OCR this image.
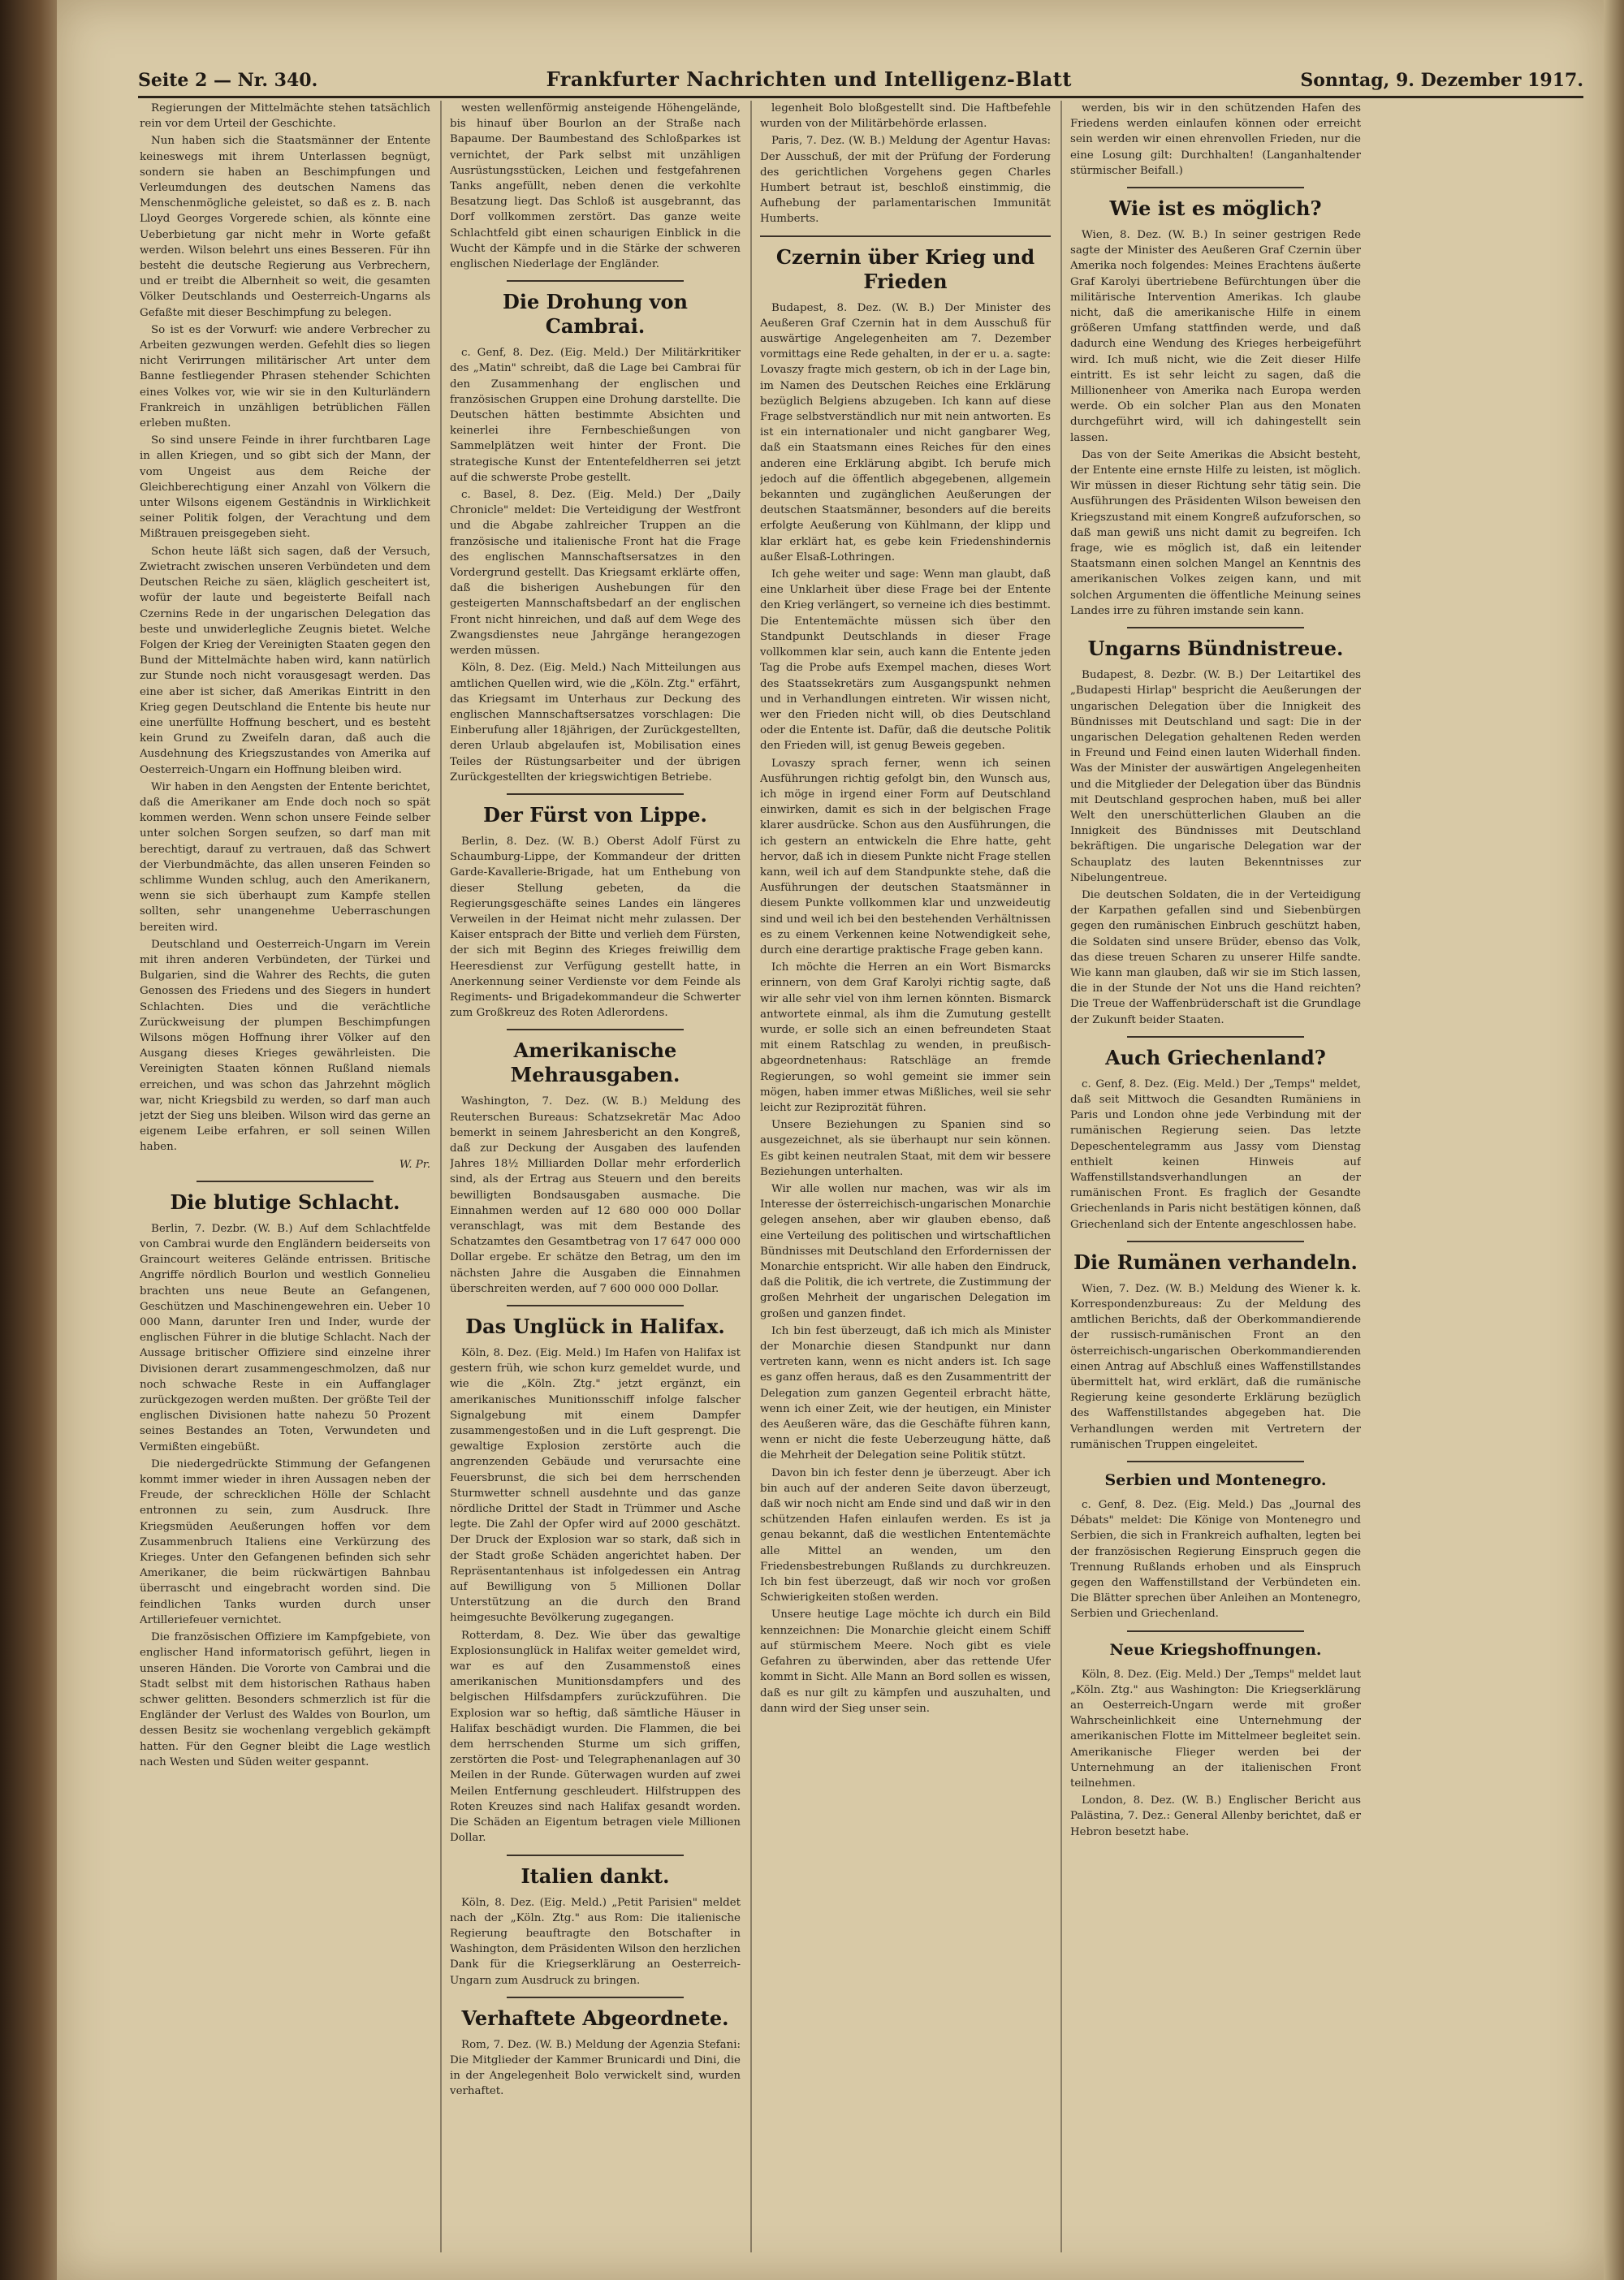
Seite 2 — Nr. 340.	Frankfurter Nachrichten und Intelligenz-Blatt	Sonntag, 9. Dezember 1917.

Regierungen der Mittelmächte stehen tatsächlich rein vor dem Urteil der Geschichte.

Nun haben sich die Staatsmänner der Entente keineswegs mit ihrem Unterlassen begnügt, sondern sie haben an Beschimpfungen und Verleumdungen des deutschen Namens das Menschenmögliche geleistet, so daß es z. B. nach Lloyd Georges Vorgerede schien, als könnte eine Ueberbietung gar nicht mehr in Worte gefaßt werden. Wilson belehrt uns eines Besseren. Für ihn besteht die deutsche Regierung aus Verbrechern, und er treibt die Albernheit so weit, die gesamten Völker Deutschlands und Oesterreich-Ungarns als Gefaßte mit dieser Beschimpfung zu belegen.

So ist es der Vorwurf: wie andere Verbrecher zu Arbeiten gezwungen werden. Gefehlt dies so liegen nicht Verirrungen militärischer Art unter dem Banne festliegender Phrasen stehender Schichten eines Volkes vor, wie wir sie in den Kulturländern Frankreich in unzähligen betrüblichen Fällen erleben mußten.

So sind unsere Feinde in ihrer furchtbaren Lage in allen Kriegen, und so gibt sich der Mann, der vom Ungeist aus dem Reiche der Gleichberechtigung einer Anzahl von Völkern die unter Wilsons eigenem Geständnis in Wirklichkeit seiner Politik folgen, der Verachtung und dem Mißtrauen preisgegeben sieht.

Schon heute läßt sich sagen, daß der Versuch, Zwietracht zwischen unseren Verbündeten und dem Deutschen Reiche zu säen, kläglich gescheitert ist, wofür der laute und begeisterte Beifall nach Czernins Rede in der ungarischen Delegation das beste und unwiderlegliche Zeugnis bietet. Welche Folgen der Krieg der Vereinigten Staaten gegen den Bund der Mittelmächte haben wird, kann natürlich zur Stunde noch nicht vorausgesagt werden. Das eine aber ist sicher, daß Amerikas Eintritt in den Krieg gegen Deutschland die Entente bis heute nur eine unerfüllte Hoffnung beschert, und es besteht kein Grund zu Zweifeln daran, daß auch die Ausdehnung des Kriegszustandes von Amerika auf Oesterreich-Ungarn ein Hoffnung bleiben wird.

Wir haben in den Aengsten der Entente berichtet, daß die Amerikaner am Ende doch noch so spät kommen werden. Wenn schon unsere Feinde selber unter solchen Sorgen seufzen, so darf man mit berechtigt, darauf zu vertrauen, daß das Schwert der Vierbundmächte, das allen unseren Feinden so schlimme Wunden schlug, auch den Amerikanern, wenn sie sich überhaupt zum Kampfe stellen sollten, sehr unangenehme Ueberraschungen bereiten wird.

Deutschland und Oesterreich-Ungarn im Verein mit ihren anderen Verbündeten, der Türkei und Bulgarien, sind die Wahrer des Rechts, die guten Genossen des Friedens und des Siegers in hundert Schlachten. Dies und die verächtliche Zurückweisung der plumpen Beschimpfungen Wilsons mögen Hoffnung ihrer Völker auf den Ausgang dieses Krieges gewährleisten. Die Vereinigten Staaten können Rußland niemals erreichen, und was schon das Jahrzehnt möglich war, nicht Kriegsbild zu werden, so darf man auch jetzt der Sieg uns bleiben. Wilson wird das gerne an eigenem Leibe erfahren, er soll seinen Willen haben.

W. Pr.

Die blutige Schlacht.

Berlin, 7. Dezbr. (W. B.) Auf dem Schlachtfelde von Cambrai wurde den Engländern beiderseits von Graincourt weiteres Gelände entrissen. Britische Angriffe nördlich Bourlon und westlich Gonnelieu brachten uns neue Beute an Gefangenen, Geschützen und Maschinengewehren ein. Ueber 10 000 Mann, darunter Iren und Inder, wurde der englischen Führer in die blutige Schlacht. Nach der Aussage britischer Offiziere sind einzelne ihrer Divisionen derart zusammengeschmolzen, daß nur noch schwache Reste in ein Auffanglager zurückgezogen werden mußten. Der größte Teil der englischen Divisionen hatte nahezu 50 Prozent seines Bestandes an Toten, Verwundeten und Vermißten eingebüßt.

Die niedergedrückte Stimmung der Gefangenen kommt immer wieder in ihren Aussagen neben der Freude, der schrecklichen Hölle der Schlacht entronnen zu sein, zum Ausdruck. Ihre Kriegsmüden Aeußerungen hoffen vor dem Zusammenbruch Italiens eine Verkürzung des Krieges. Unter den Gefangenen befinden sich sehr Amerikaner, die beim rückwärtigen Bahnbau überrascht und eingebracht worden sind. Die feindlichen Tanks wurden durch unser Artilleriefeuer vernichtet.

Die französischen Offiziere im Kampfgebiete, von englischer Hand informatorisch geführt, liegen in unseren Händen. Die Vororte von Cambrai und die Stadt selbst mit dem historischen Rathaus haben schwer gelitten. Besonders schmerzlich ist für die Engländer der Verlust des Waldes von Bourlon, um dessen Besitz sie wochenlang vergeblich gekämpft hatten. Für den Gegner bleibt die Lage westlich nach Westen und Süden weiter gespannt.

westen wellenförmig ansteigende Höhengelände, bis hinauf über Bourlon an der Straße nach Bapaume. Der Baumbestand des Schloßparkes ist vernichtet, der Park selbst mit unzähligen Ausrüstungsstücken, Leichen und festgefahrenen Tanks angefüllt, neben denen die verkohlte Besatzung liegt. Das Schloß ist ausgebrannt, das Dorf vollkommen zerstört. Das ganze weite Schlachtfeld gibt einen schaurigen Einblick in die Wucht der Kämpfe und in die Stärke der schweren englischen Niederlage der Engländer.

Die Drohung von Cambrai.

c. Genf, 8. Dez. (Eig. Meld.) Der Militärkritiker des „Matin" schreibt, daß die Lage bei Cambrai für den Zusammenhang der englischen und französischen Gruppen eine Drohung darstellte. Die Deutschen hätten bestimmte Absichten und keinerlei ihre Fernbeschießungen von Sammelplätzen weit hinter der Front. Die strategische Kunst der Ententefeldherren sei jetzt auf die schwerste Probe gestellt.

c. Basel, 8. Dez. (Eig. Meld.) Der „Daily Chronicle" meldet: Die Verteidigung der Westfront und die Abgabe zahlreicher Truppen an die französische und italienische Front hat die Frage des englischen Mannschaftsersatzes in den Vordergrund gestellt. Das Kriegsamt erklärte offen, daß die bisherigen Aushebungen für den gesteigerten Mannschaftsbedarf an der englischen Front nicht hinreichen, und daß auf dem Wege des Zwangsdienstes neue Jahrgänge herangezogen werden müssen.

Köln, 8. Dez. (Eig. Meld.) Nach Mitteilungen aus amtlichen Quellen wird, wie die „Köln. Ztg." erfährt, das Kriegsamt im Unterhaus zur Deckung des englischen Mannschaftsersatzes vorschlagen: Die Einberufung aller 18jährigen, der Zurückgestellten, deren Urlaub abgelaufen ist, Mobilisation eines Teiles der Rüstungsarbeiter und der übrigen Zurückgestellten der kriegswichtigen Betriebe.

Der Fürst von Lippe.

Berlin, 8. Dez. (W. B.) Oberst Adolf Fürst zu Schaumburg-Lippe, der Kommandeur der dritten Garde-Kavallerie-Brigade, hat um Enthebung von dieser Stellung gebeten, da die Regierungsgeschäfte seines Landes ein längeres Verweilen in der Heimat nicht mehr zulassen. Der Kaiser entsprach der Bitte und verlieh dem Fürsten, der sich mit Beginn des Krieges freiwillig dem Heeresdienst zur Verfügung gestellt hatte, in Anerkennung seiner Verdienste vor dem Feinde als Regiments- und Brigadekommandeur die Schwerter zum Großkreuz des Roten Adlerordens.

Amerikanische Mehrausgaben.

Washington, 7. Dez. (W. B.) Meldung des Reuterschen Bureaus: Schatzsekretär Mac Adoo bemerkt in seinem Jahresbericht an den Kongreß, daß zur Deckung der Ausgaben des laufenden Jahres 18½ Milliarden Dollar mehr erforderlich sind, als der Ertrag aus Steuern und den bereits bewilligten Bondsausgaben ausmache. Die Einnahmen werden auf 12 680 000 000 Dollar veranschlagt, was mit dem Bestande des Schatzamtes den Gesamtbetrag von 17 647 000 000 Dollar ergebe. Er schätze den Betrag, um den im nächsten Jahre die Ausgaben die Einnahmen überschreiten werden, auf 7 600 000 000 Dollar.

Das Unglück in Halifax.

Köln, 8. Dez. (Eig. Meld.) Im Hafen von Halifax ist gestern früh, wie schon kurz gemeldet wurde, und wie die „Köln. Ztg." jetzt ergänzt, ein amerikanisches Munitionsschiff infolge falscher Signalgebung mit einem Dampfer zusammengestoßen und in die Luft gesprengt. Die gewaltige Explosion zerstörte auch die angrenzenden Gebäude und verursachte eine Feuersbrunst, die sich bei dem herrschenden Sturmwetter schnell ausdehnte und das ganze nördliche Drittel der Stadt in Trümmer und Asche legte. Die Zahl der Opfer wird auf 2000 geschätzt. Der Druck der Explosion war so stark, daß sich in der Stadt große Schäden angerichtet haben. Der Repräsentantenhaus ist infolgedessen ein Antrag auf Bewilligung von 5 Millionen Dollar Unterstützung an die durch den Brand heimgesuchte Bevölkerung zugegangen.

Rotterdam, 8. Dez. Wie über das gewaltige Explosionsunglück in Halifax weiter gemeldet wird, war es auf den Zusammenstoß eines amerikanischen Munitionsdampfers und des belgischen Hilfsdampfers zurückzuführen. Die Explosion war so heftig, daß sämtliche Häuser in Halifax beschädigt wurden. Die Flammen, die bei dem herrschenden Sturme um sich griffen, zerstörten die Post- und Telegraphenanlagen auf 30 Meilen in der Runde. Güterwagen wurden auf zwei Meilen Entfernung geschleudert. Hilfstruppen des Roten Kreuzes sind nach Halifax gesandt worden. Die Schäden an Eigentum betragen viele Millionen Dollar.

Italien dankt.

Köln, 8. Dez. (Eig. Meld.) „Petit Parisien" meldet nach der „Köln. Ztg." aus Rom: Die italienische Regierung beauftragte den Botschafter in Washington, dem Präsidenten Wilson den herzlichen Dank für die Kriegserklärung an Oesterreich-Ungarn zum Ausdruck zu bringen.

Verhaftete Abgeordnete.

Rom, 7. Dez. (W. B.) Meldung der Agenzia Stefani: Die Mitglieder der Kammer Brunicardi und Dini, die in der Angelegenheit Bolo verwickelt sind, wurden verhaftet.

legenheit Bolo bloßgestellt sind. Die Haftbefehle wurden von der Militärbehörde erlassen.

Paris, 7. Dez. (W. B.) Meldung der Agentur Havas: Der Ausschuß, der mit der Prüfung der Forderung des gerichtlichen Vorgehens gegen Charles Humbert betraut ist, beschloß einstimmig, die Aufhebung der parlamentarischen Immunität Humberts.

Czernin über Krieg und Frieden

Budapest, 8. Dez. (W. B.) Der Minister des Aeußeren Graf Czernin hat in dem Ausschuß für auswärtige Angelegenheiten am 7. Dezember vormittags eine Rede gehalten, in der er u. a. sagte: Lovaszy fragte mich gestern, ob ich in der Lage bin, im Namen des Deutschen Reiches eine Erklärung bezüglich Belgiens abzugeben. Ich kann auf diese Frage selbstverständlich nur mit nein antworten. Es ist ein internationaler und nicht gangbarer Weg, daß ein Staatsmann eines Reiches für den eines anderen eine Erklärung abgibt. Ich berufe mich jedoch auf die öffentlich abgegebenen, allgemein bekannten und zugänglichen Aeußerungen der deutschen Staatsmänner, besonders auf die bereits erfolgte Aeußerung von Kühlmann, der klipp und klar erklärt hat, es gebe kein Friedenshindernis außer Elsaß-Lothringen.

Ich gehe weiter und sage: Wenn man glaubt, daß eine Unklarheit über diese Frage bei der Entente den Krieg verlängert, so verneine ich dies bestimmt. Die Ententemächte müssen sich über den Standpunkt Deutschlands in dieser Frage vollkommen klar sein, auch kann die Entente jeden Tag die Probe aufs Exempel machen, dieses Wort des Staatssekretärs zum Ausgangspunkt nehmen und in Verhandlungen eintreten. Wir wissen nicht, wer den Frieden nicht will, ob dies Deutschland oder die Entente ist. Dafür, daß die deutsche Politik den Frieden will, ist genug Beweis gegeben.

Lovaszy sprach ferner, wenn ich seinen Ausführungen richtig gefolgt bin, den Wunsch aus, ich möge in irgend einer Form auf Deutschland einwirken, damit es sich in der belgischen Frage klarer ausdrücke. Schon aus den Ausführungen, die ich gestern an entwickeln die Ehre hatte, geht hervor, daß ich in diesem Punkte nicht Frage stellen kann, weil ich auf dem Standpunkte stehe, daß die Ausführungen der deutschen Staatsmänner in diesem Punkte vollkommen klar und unzweideutig sind und weil ich bei den bestehenden Verhältnissen es zu einem Verkennen keine Notwendigkeit sehe, durch eine derartige praktische Frage geben kann.

Ich möchte die Herren an ein Wort Bismarcks erinnern, von dem Graf Karolyi richtig sagte, daß wir alle sehr viel von ihm lernen könnten. Bismarck antwortete einmal, als ihm die Zumutung gestellt wurde, er solle sich an einen befreundeten Staat mit einem Ratschlag zu wenden, in preußisch-abgeordnetenhaus: Ratschläge an fremde Regierungen, so wohl gemeint sie immer sein mögen, haben immer etwas Mißliches, weil sie sehr leicht zur Reziprozität führen.

Unsere Beziehungen zu Spanien sind so ausgezeichnet, als sie überhaupt nur sein können. Es gibt keinen neutralen Staat, mit dem wir bessere Beziehungen unterhalten.

Wir alle wollen nur machen, was wir als im Interesse der österreichisch-ungarischen Monarchie gelegen ansehen, aber wir glauben ebenso, daß eine Verteilung des politischen und wirtschaftlichen Bündnisses mit Deutschland den Erfordernissen der Monarchie entspricht. Wir alle haben den Eindruck, daß die Politik, die ich vertrete, die Zustimmung der großen Mehrheit der ungarischen Delegation im großen und ganzen findet.

Ich bin fest überzeugt, daß ich mich als Minister der Monarchie diesen Standpunkt nur dann vertreten kann, wenn es nicht anders ist. Ich sage es ganz offen heraus, daß es den Zusammentritt der Delegation zum ganzen Gegenteil erbracht hätte, wenn ich einer Zeit, wie der heutigen, ein Minister des Aeußeren wäre, das die Geschäfte führen kann, wenn er nicht die feste Ueberzeugung hätte, daß die Mehrheit der Delegation seine Politik stützt.

Davon bin ich fester denn je überzeugt. Aber ich bin auch auf der anderen Seite davon überzeugt, daß wir noch nicht am Ende sind und daß wir in den schützenden Hafen einlaufen werden. Es ist ja genau bekannt, daß die westlichen Ententemächte alle Mittel an wenden, um den Friedensbestrebungen Rußlands zu durchkreuzen. Ich bin fest überzeugt, daß wir noch vor großen Schwierigkeiten stoßen werden.

Unsere heutige Lage möchte ich durch ein Bild kennzeichnen: Die Monarchie gleicht einem Schiff auf stürmischem Meere. Noch gibt es viele Gefahren zu überwinden, aber das rettende Ufer kommt in Sicht. Alle Mann an Bord sollen es wissen, daß es nur gilt zu kämpfen und auszuhalten, und dann wird der Sieg unser sein.

werden, bis wir in den schützenden Hafen des Friedens werden einlaufen können oder erreicht sein werden wir einen ehrenvollen Frieden, nur die eine Losung gilt: Durchhalten! (Langanhaltender stürmischer Beifall.)

Wie ist es möglich?

Wien, 8. Dez. (W. B.) In seiner gestrigen Rede sagte der Minister des Aeußeren Graf Czernin über Amerika noch folgendes: Meines Erachtens äußerte Graf Karolyi übertriebene Befürchtungen über die militärische Intervention Amerikas. Ich glaube nicht, daß die amerikanische Hilfe in einem größeren Umfang stattfinden werde, und daß dadurch eine Wendung des Krieges herbeigeführt wird. Ich muß nicht, wie die Zeit dieser Hilfe eintritt. Es ist sehr leicht zu sagen, daß die Millionenheer von Amerika nach Europa werden werde. Ob ein solcher Plan aus den Monaten durchgeführt wird, will ich dahingestellt sein lassen.

Das von der Seite Amerikas die Absicht besteht, der Entente eine ernste Hilfe zu leisten, ist möglich. Wir müssen in dieser Richtung sehr tätig sein. Die Ausführungen des Präsidenten Wilson beweisen den Kriegszustand mit einem Kongreß aufzuforschen, so daß man gewiß uns nicht damit zu begreifen. Ich frage, wie es möglich ist, daß ein leitender Staatsmann einen solchen Mangel an Kenntnis des amerikanischen Volkes zeigen kann, und mit solchen Argumenten die öffentliche Meinung seines Landes irre zu führen imstande sein kann.

Ungarns Bündnistreue.

Budapest, 8. Dezbr. (W. B.) Der Leitartikel des „Budapesti Hirlap" bespricht die Aeußerungen der ungarischen Delegation über die Innigkeit des Bündnisses mit Deutschland und sagt: Die in der ungarischen Delegation gehaltenen Reden werden in Freund und Feind einen lauten Widerhall finden. Was der Minister der auswärtigen Angelegenheiten und die Mitglieder der Delegation über das Bündnis mit Deutschland gesprochen haben, muß bei aller Welt den unerschütterlichen Glauben an die Innigkeit des Bündnisses mit Deutschland bekräftigen. Die ungarische Delegation war der Schauplatz des lauten Bekenntnisses zur Nibelungentreue.

Die deutschen Soldaten, die in der Verteidigung der Karpathen gefallen sind und Siebenbürgen gegen den rumänischen Einbruch geschützt haben, die Soldaten sind unsere Brüder, ebenso das Volk, das diese treuen Scharen zu unserer Hilfe sandte. Wie kann man glauben, daß wir sie im Stich lassen, die in der Stunde der Not uns die Hand reichten? Die Treue der Waffenbrüderschaft ist die Grundlage der Zukunft beider Staaten.

Auch Griechenland?

c. Genf, 8. Dez. (Eig. Meld.) Der „Temps" meldet, daß seit Mittwoch die Gesandten Rumäniens in Paris und London ohne jede Verbindung mit der rumänischen Regierung seien. Das letzte Depeschentelegramm aus Jassy vom Dienstag enthielt keinen Hinweis auf Waffenstillstandsverhandlungen an der rumänischen Front. Es fraglich der Gesandte Griechenlands in Paris nicht bestätigen können, daß Griechenland sich der Entente angeschlossen habe.

Die Rumänen verhandeln.

Wien, 7. Dez. (W. B.) Meldung des Wiener k. k. Korrespondenzbureaus: Zu der Meldung des amtlichen Berichts, daß der Oberkommandierende der russisch-rumänischen Front an den österreichisch-ungarischen Oberkommandierenden einen Antrag auf Abschluß eines Waffenstillstandes übermittelt hat, wird erklärt, daß die rumänische Regierung keine gesonderte Erklärung bezüglich des Waffenstillstandes abgegeben hat. Die Verhandlungen werden mit Vertretern der rumänischen Truppen eingeleitet.

Serbien und Montenegro.

c. Genf, 8. Dez. (Eig. Meld.) Das „Journal des Débats" meldet: Die Könige von Montenegro und Serbien, die sich in Frankreich aufhalten, legten bei der französischen Regierung Einspruch gegen die Trennung Rußlands erhoben und als Einspruch gegen den Waffenstillstand der Verbündeten ein. Die Blätter sprechen über Anleihen an Montenegro, Serbien und Griechenland.

Neue Kriegshoffnungen.

Köln, 8. Dez. (Eig. Meld.) Der „Temps" meldet laut „Köln. Ztg." aus Washington: Die Kriegserklärung an Oesterreich-Ungarn werde mit großer Wahrscheinlichkeit eine Unternehmung der amerikanischen Flotte im Mittelmeer begleitet sein. Amerikanische Flieger werden bei der Unternehmung an der italienischen Front teilnehmen.

London, 8. Dez. (W. B.) Englischer Bericht aus Palästina, 7. Dez.: General Allenby berichtet, daß er Hebron besetzt habe.
